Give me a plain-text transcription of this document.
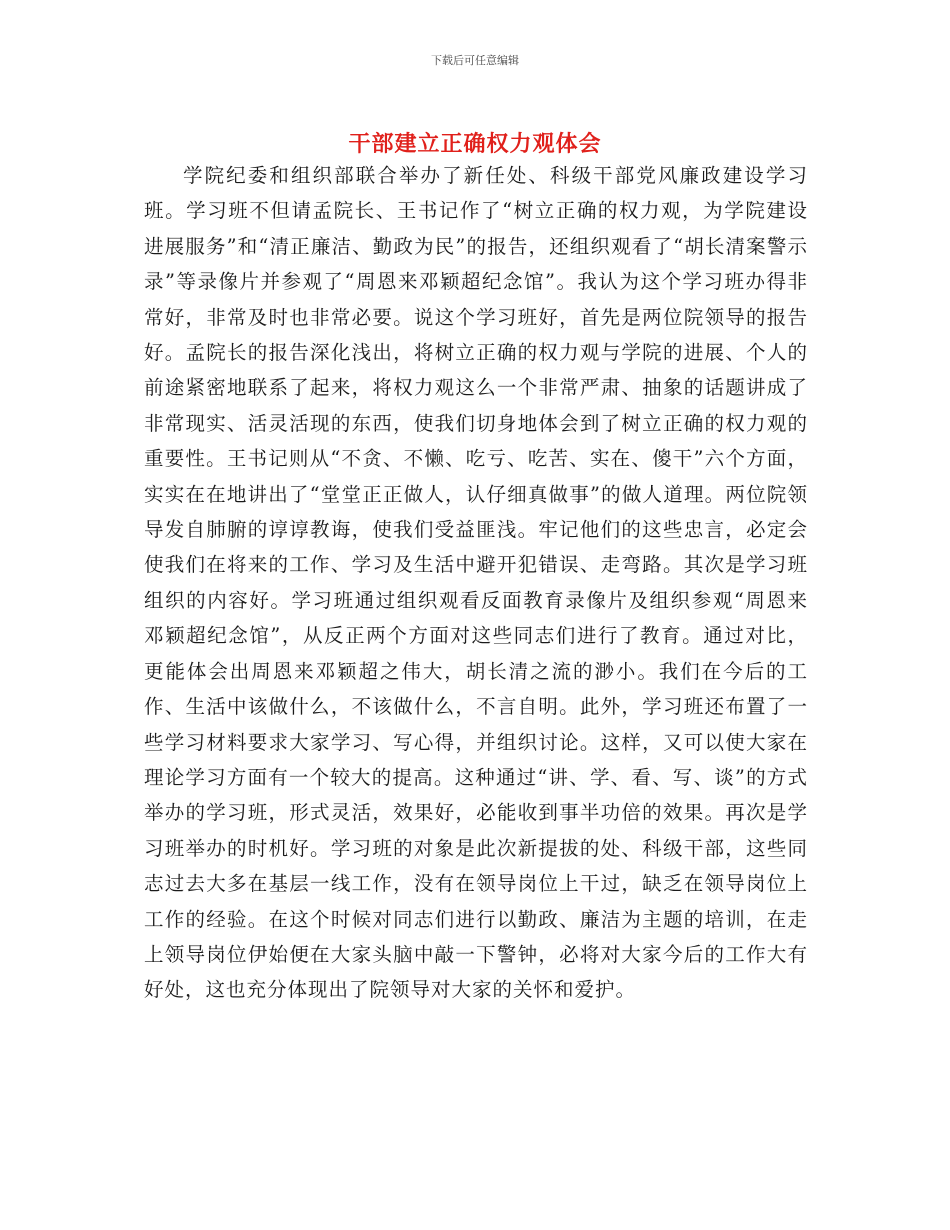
下载后可任意编辑
干部建立正确权力观体会

学院纪委和组织部联合举办了新任处、科级干部党风廉政建设学习班。学习班不但请孟院长、王书记作了“树立正确的权力观，为学院建设进展服务”和“清正廉洁、勤政为民”的报告，还组织观看了“胡长清案警示录”等录像片并参观了“周恩来邓颖超纪念馆”。我认为这个学习班办得非常好，非常及时也非常必要。说这个学习班好，首先是两位院领导的报告好。孟院长的报告深化浅出，将树立正确的权力观与学院的进展、个人的前途紧密地联系了起来，将权力观这么一个非常严肃、抽象的话题讲成了非常现实、活灵活现的东西，使我们切身地体会到了树立正确的权力观的重要性。王书记则从“不贪、不懒、吃亏、吃苦、实在、傻干”六个方面，实实在在地讲出了“堂堂正正做人，认仔细真做事”的做人道理。两位院领导发自肺腑的谆谆教诲，使我们受益匪浅。牢记他们的这些忠言，必定会使我们在将来的工作、学习及生活中避开犯错误、走弯路。其次是学习班组织的内容好。学习班通过组织观看反面教育录像片及组织参观“周恩来邓颖超纪念馆”，从反正两个方面对这些同志们进行了教育。通过对比，更能体会出周恩来邓颖超之伟大，胡长清之流的渺小。我们在今后的工作、生活中该做什么，不该做什么，不言自明。此外，学习班还布置了一些学习材料要求大家学习、写心得，并组织讨论。这样，又可以使大家在理论学习方面有一个较大的提高。这种通过“讲、学、看、写、谈”的方式举办的学习班，形式灵活，效果好，必能收到事半功倍的效果。再次是学习班举办的时机好。学习班的对象是此次新提拔的处、科级干部，这些同志过去大多在基层一线工作，没有在领导岗位上干过，缺乏在领导岗位上工作的经验。在这个时候对同志们进行以勤政、廉洁为主题的培训，在走上领导岗位伊始便在大家头脑中敲一下警钟，必将对大家今后的工作大有好处，这也充分体现出了院领导对大家的关怀和爱护。
